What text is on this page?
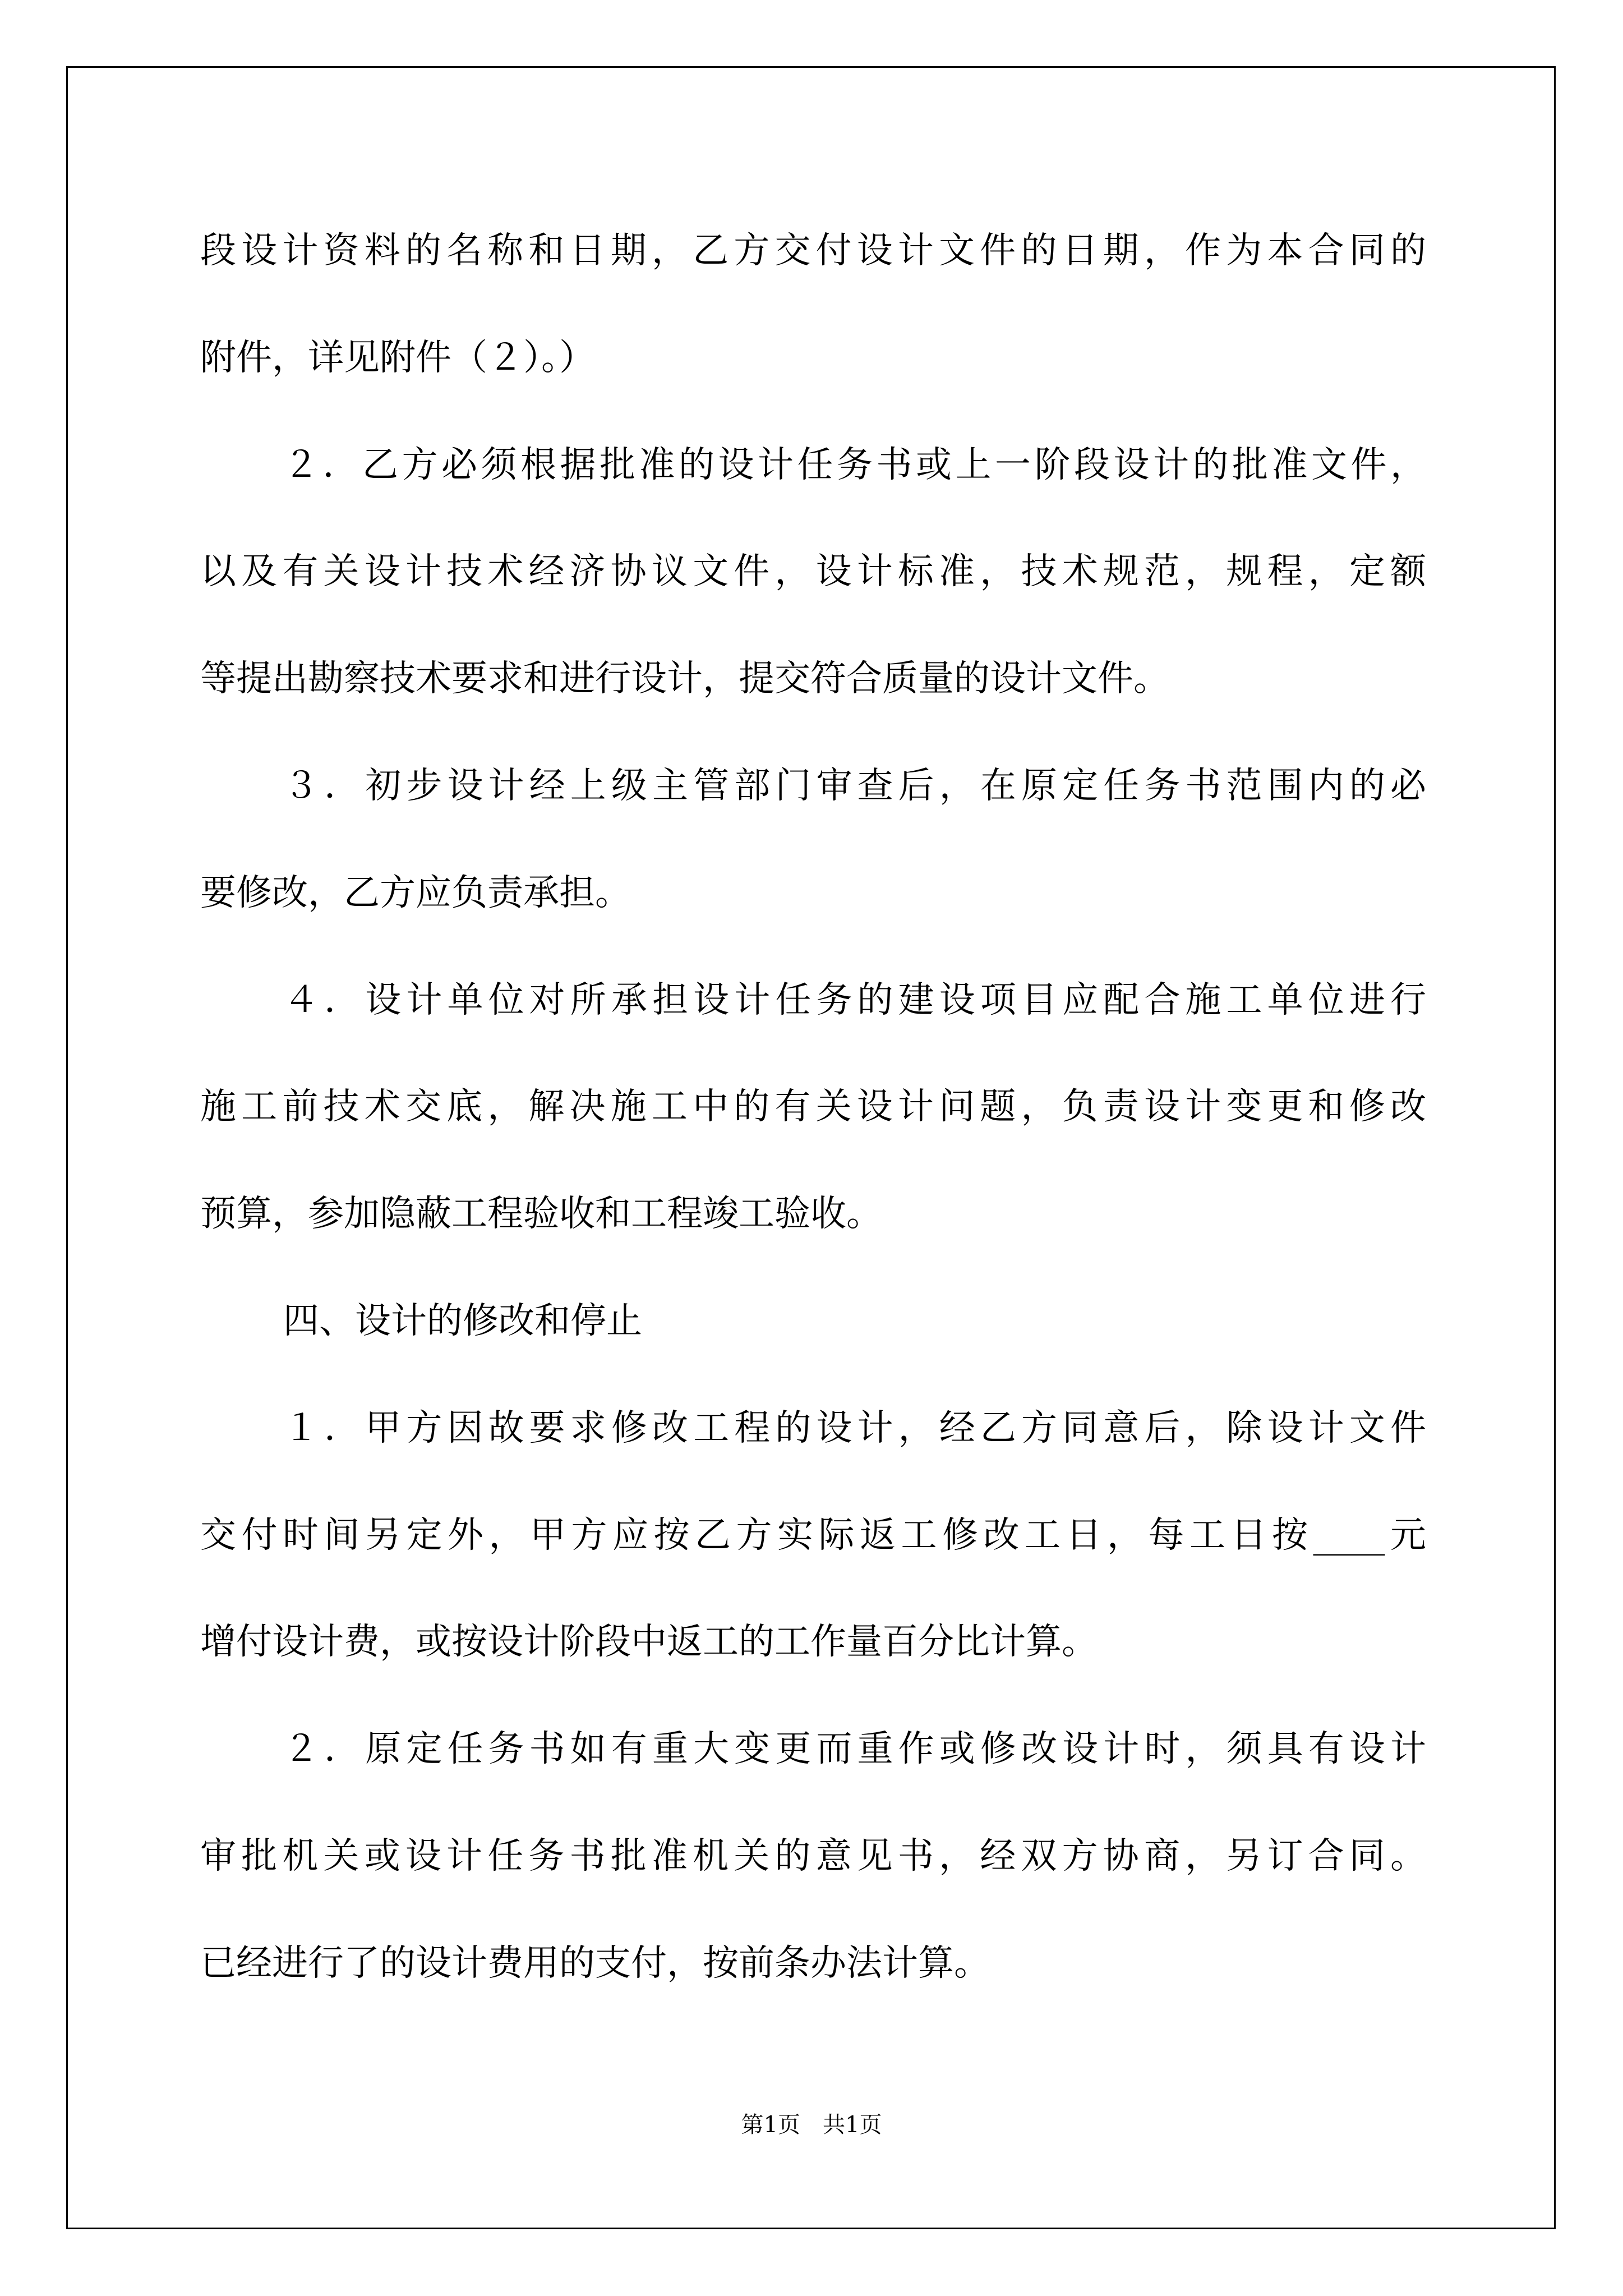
段设计资料的名称和日期，乙方交付设计文件的日期，作为本合同的
附件，详见附件（２）。）
２．乙方必须根据批准的设计任务书或上一阶段设计的批准文件，
以及有关设计技术经济协议文件，设计标准，技术规范，规程，定额
等提出勘察技术要求和进行设计，提交符合质量的设计文件。
３．初步设计经上级主管部门审查后，在原定任务书范围内的必
要修改，乙方应负责承担。
４．设计单位对所承担设计任务的建设项目应配合施工单位进行
施工前技术交底，解决施工中的有关设计问题，负责设计变更和修改
预算，参加隐蔽工程验收和工程竣工验收。
四、设计的修改和停止
１．甲方因故要求修改工程的设计，经乙方同意后，除设计文件
交付时间另定外，甲方应按乙方实际返工修改工日，每工日按____元
增付设计费，或按设计阶段中返工的工作量百分比计算。
２．原定任务书如有重大变更而重作或修改设计时，须具有设计
审批机关或设计任务书批准机关的意见书，经双方协商，另订合同。
已经进行了的设计费用的支付，按前条办法计算。
第1页　共1页
